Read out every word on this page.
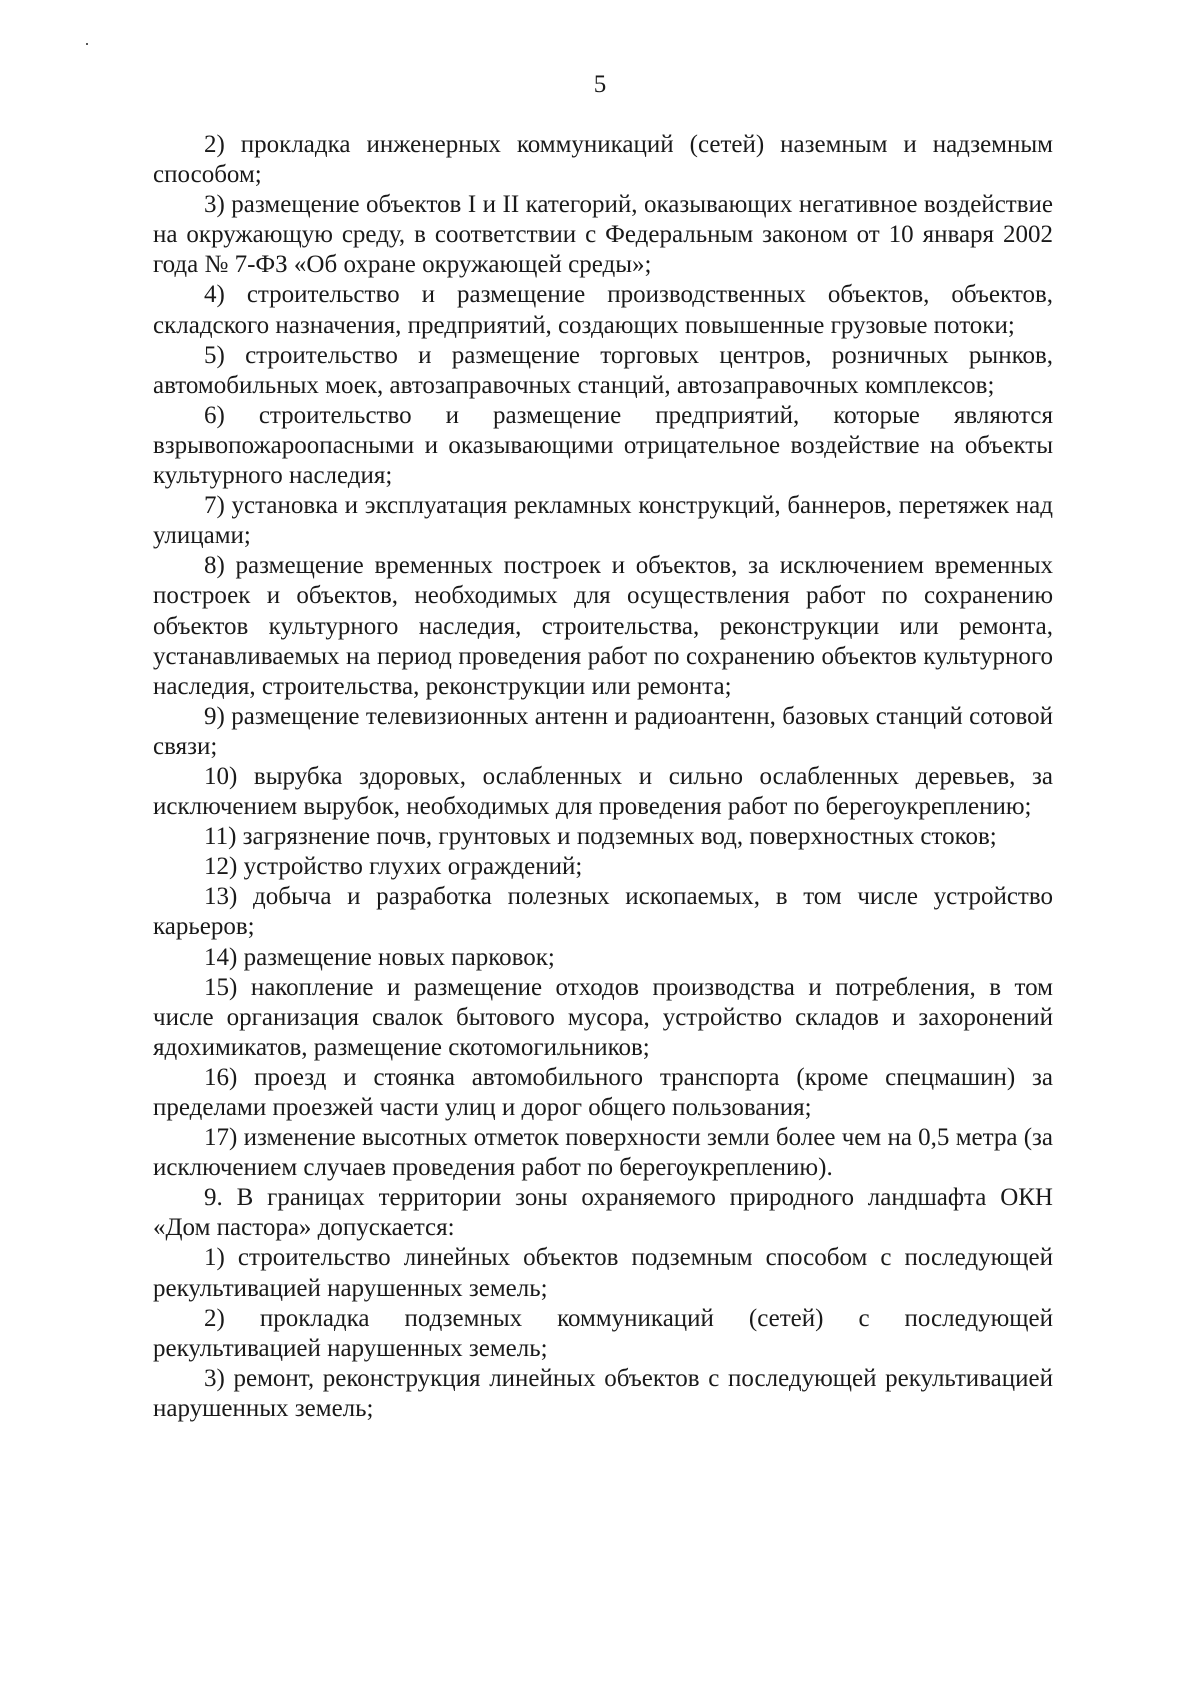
5

2) прокладка инженерных коммуникаций (сетей) наземным и надземным способом;

3) размещение объектов I и II категорий, оказывающих негативное воздействие на окружающую среду, в соответствии с Федеральным законом от 10 января 2002 года № 7-ФЗ «Об охране окружающей среды»;

4) строительство и размещение производственных объектов, объектов, складского назначения, предприятий, создающих повышенные грузовые потоки;

5) строительство и размещение торговых центров, розничных рынков, автомобильных моек, автозаправочных станций, автозаправочных комплексов;

6) строительство и размещение предприятий, которые являются взрывопожароопасными и оказывающими отрицательное воздействие на объекты культурного наследия;

7) установка и эксплуатация рекламных конструкций, баннеров, перетяжек над улицами;

8) размещение временных построек и объектов, за исключением временных построек и объектов, необходимых для осуществления работ по сохранению объектов культурного наследия, строительства, реконструкции или ремонта, устанавливаемых на период проведения работ по сохранению объектов культурного наследия, строительства, реконструкции или ремонта;

9) размещение телевизионных антенн и радиоантенн, базовых станций сотовой связи;

10) вырубка здоровых, ослабленных и сильно ослабленных деревьев, за исключением вырубок, необходимых для проведения работ по берегоукреплению;

11) загрязнение почв, грунтовых и подземных вод, поверхностных стоков;

12) устройство глухих ограждений;

13) добыча и разработка полезных ископаемых, в том числе устройство карьеров;

14) размещение новых парковок;

15) накопление и размещение отходов производства и потребления, в том числе организация свалок бытового мусора, устройство складов и захоронений ядохимикатов, размещение скотомогильников;

16) проезд и стоянка автомобильного транспорта (кроме спецмашин) за пределами проезжей части улиц и дорог общего пользования;

17) изменение высотных отметок поверхности земли более чем на 0,5 метра (за исключением случаев проведения работ по берегоукреплению).

9. В границах территории зоны охраняемого природного ландшафта ОКН «Дом пастора» допускается:

1) строительство линейных объектов подземным способом с последующей рекультивацией нарушенных земель;

2) прокладка подземных коммуникаций (сетей) с последующей рекультивацией нарушенных земель;

3) ремонт, реконструкция линейных объектов с последующей рекультивацией нарушенных земель;
